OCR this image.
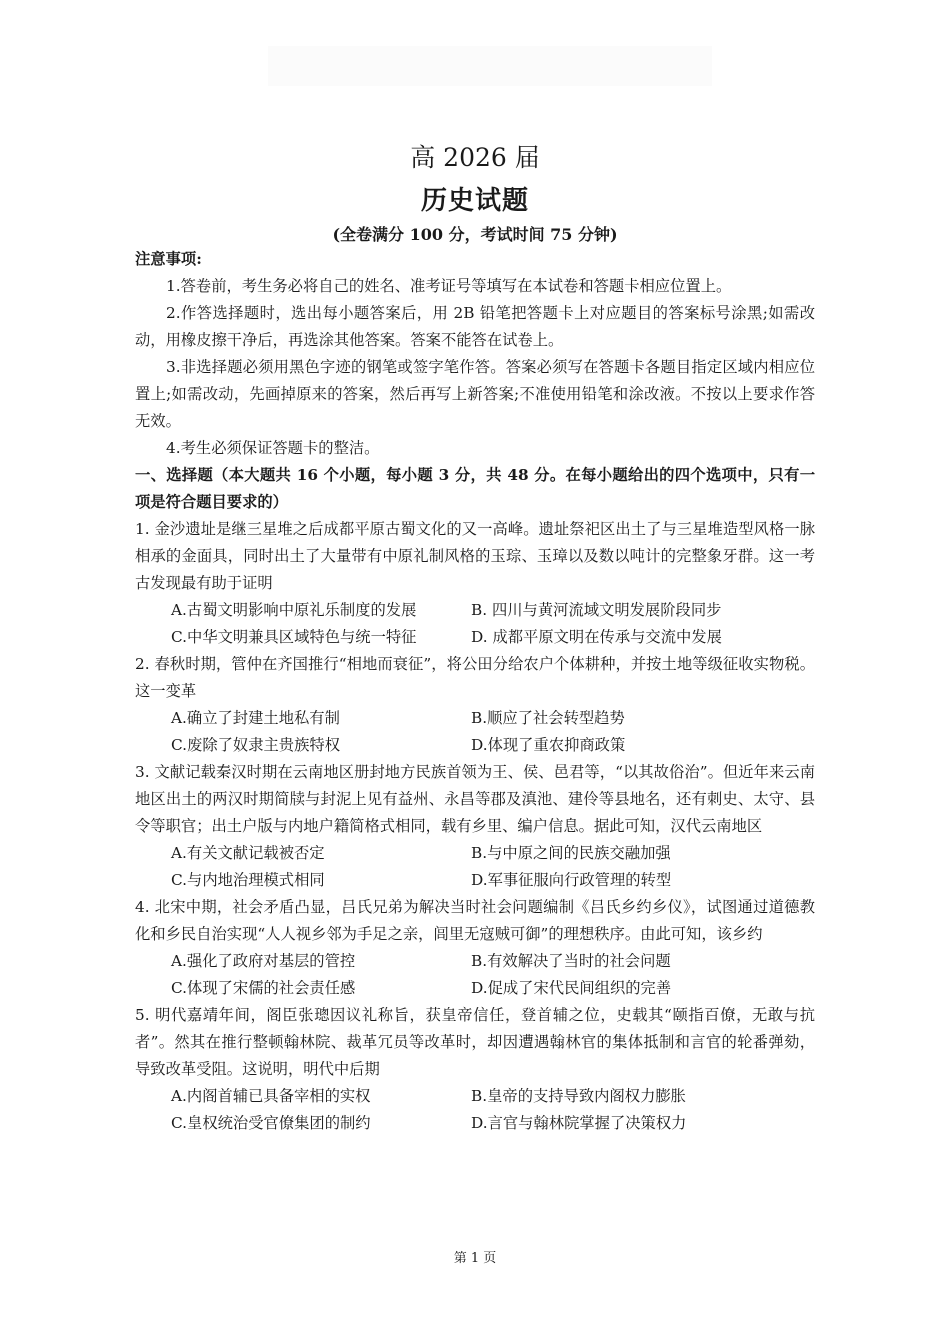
高 2026 届
历史试题
(全卷满分 100 分，考试时间 75 分钟)

注意事项:

1.答卷前，考生务必将自己的姓名、准考证号等填写在本试卷和答题卡相应位置上。

2.作答选择题时，选出每小题答案后，用 2B 铅笔把答题卡上对应题目的答案标号涂黑;如需改动，用橡皮擦干净后，再选涂其他答案。答案不能答在试卷上。

3.非选择题必须用黑色字迹的钢笔或签字笔作答。答案必须写在答题卡各题目指定区域内相应位置上;如需改动，先画掉原来的答案，然后再写上新答案;不准使用铅笔和涂改液。不按以上要求作答无效。

4.考生必须保证答题卡的整洁。

一、选择题（本大题共 16 个小题，每小题 3 分，共 48 分。在每小题给出的四个选项中，只有一项是符合题目要求的）

1. 金沙遗址是继三星堆之后成都平原古蜀文化的又一高峰。遗址祭祀区出土了与三星堆造型风格一脉相承的金面具，同时出土了大量带有中原礼制风格的玉琮、玉璋以及数以吨计的完整象牙群。这一考古发现最有助于证明

A.古蜀文明影响中原礼乐制度的发展	B. 四川与黄河流域文明发展阶段同步
C.中华文明兼具区域特色与统一特征	D. 成都平原文明在传承与交流中发展

2. 春秋时期，管仲在齐国推行“相地而衰征”，将公田分给农户个体耕种，并按土地等级征收实物税。这一变革

A.确立了封建土地私有制	B.顺应了社会转型趋势
C.废除了奴隶主贵族特权	D.体现了重农抑商政策

3. 文献记载秦汉时期在云南地区册封地方民族首领为王、侯、邑君等，“以其故俗治”。但近年来云南地区出土的两汉时期简牍与封泥上见有益州、永昌等郡及滇池、建伶等县地名，还有刺史、太守、县令等职官；出土户版与内地户籍简格式相同，载有乡里、编户信息。据此可知，汉代云南地区

A.有关文献记载被否定	B.与中原之间的民族交融加强
C.与内地治理模式相同	D.军事征服向行政管理的转型

4. 北宋中期，社会矛盾凸显，吕氏兄弟为解决当时社会问题编制《吕氏乡约乡仪》，试图通过道德教化和乡民自治实现“人人视乡邻为手足之亲，闾里无寇贼可御”的理想秩序。由此可知，该乡约

A.强化了政府对基层的管控	B.有效解决了当时的社会问题
C.体现了宋儒的社会责任感	D.促成了宋代民间组织的完善

5. 明代嘉靖年间，阁臣张璁因议礼称旨，获皇帝信任，登首辅之位，史载其“颐指百僚，无敢与抗者”。然其在推行整顿翰林院、裁革冗员等改革时，却因遭遇翰林官的集体抵制和言官的轮番弹劾，导致改革受阻。这说明，明代中后期

A.内阁首辅已具备宰相的实权	B.皇帝的支持导致内阁权力膨胀
C.皇权统治受官僚集团的制约	D.言官与翰林院掌握了决策权力
第 1 页
